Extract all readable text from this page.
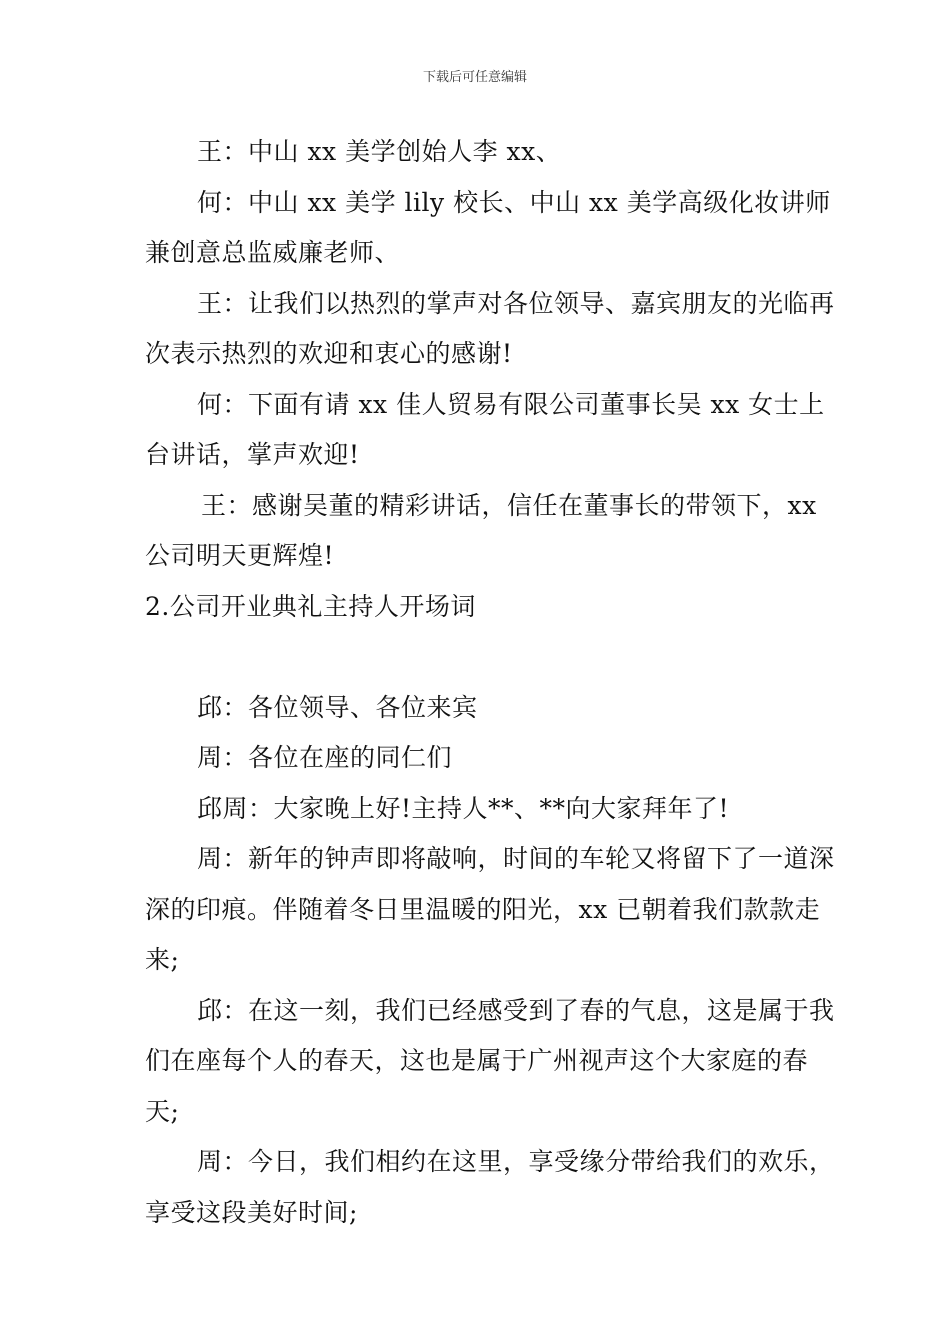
下载后可任意编辑

王：中山 xx 美学创始人李 xx、

何：中山 xx 美学 lily 校长、中山 xx 美学高级化妆讲师兼创意总监威廉老师、

王：让我们以热烈的掌声对各位领导、嘉宾朋友的光临再次表示热烈的欢迎和衷心的感谢!

何：下面有请 xx 佳人贸易有限公司董事长吴 xx 女士上台讲话，掌声欢迎!

王：感谢吴董的精彩讲话，信任在董事长的带领下，xx 公司明天更辉煌!

2.公司开业典礼主持人开场词

邱：各位领导、各位来宾

周：各位在座的同仁们

邱周：大家晚上好!主持人**、**向大家拜年了!

周：新年的钟声即将敲响，时间的车轮又将留下了一道深深的印痕。伴随着冬日里温暖的阳光，xx 已朝着我们款款走来;

邱：在这一刻，我们已经感受到了春的气息，这是属于我们在座每个人的春天，这也是属于广州视声这个大家庭的春天;

周：今日，我们相约在这里，享受缘分带给我们的欢乐，享受这段美好时间;
